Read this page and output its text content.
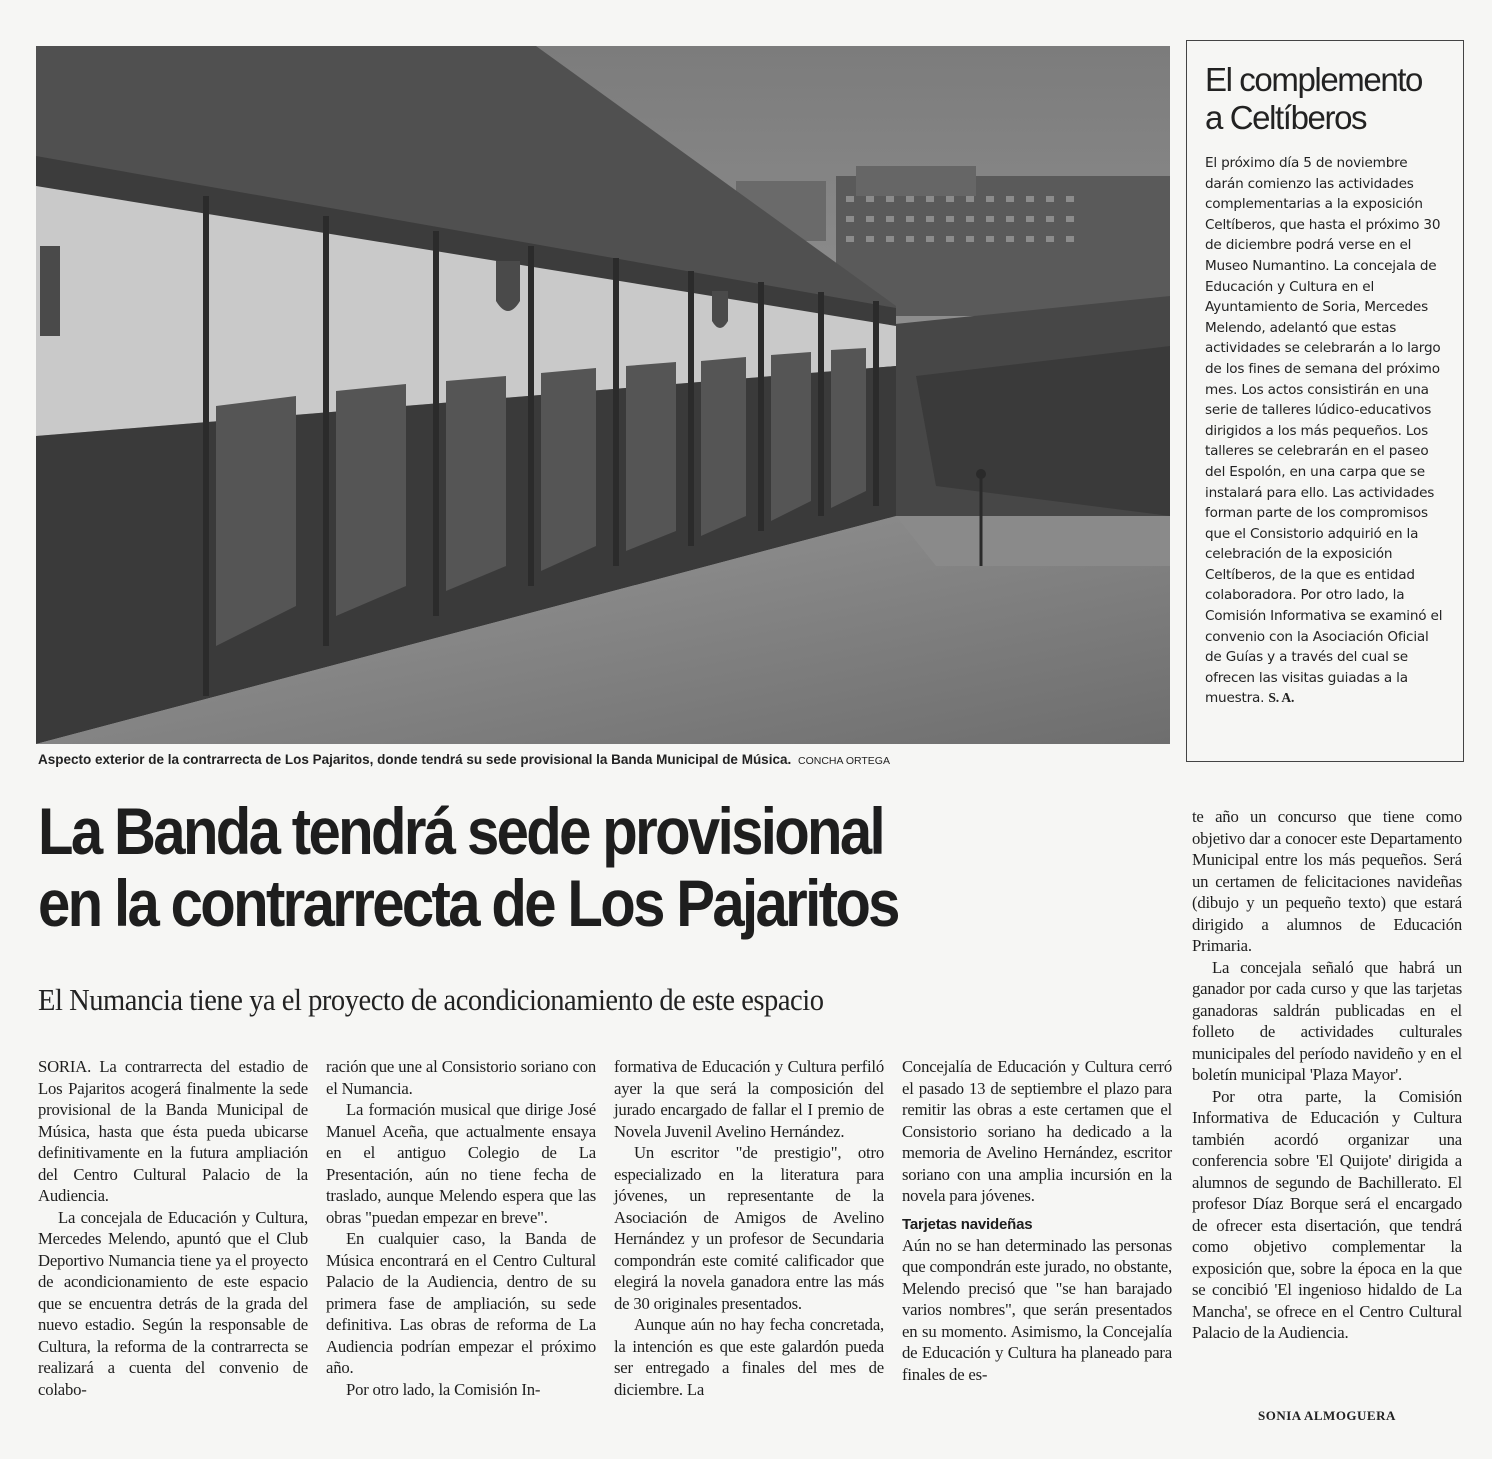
Aspecto exterior de la contrarrecta de Los Pajaritos, donde tendrá su sede provisional la Banda Municipal de Música. CONCHA ORTEGA
El complemento
a Celtíberos

El próximo día 5 de noviembre darán comienzo las actividades complementarias a la exposición Celtíberos, que hasta el próximo 30 de diciembre podrá verse en el Museo Numantino. La concejala de Educación y Cultura en el Ayuntamiento de Soria, Mercedes Melendo, adelantó que estas actividades se celebrarán a lo largo de los fines de semana del próximo mes. Los actos consistirán en una serie de talleres lúdico-educativos dirigidos a los más pequeños. Los talleres se celebrarán en el paseo del Espolón, en una carpa que se instalará para ello. Las actividades forman parte de los compromisos que el Consistorio adquirió en la celebración de la exposición Celtíberos, de la que es entidad colaboradora. Por otro lado, la Comisión Informativa se examinó el convenio con la Asociación Oficial de Guías y a través del cual se ofrecen las visitas guiadas a la muestra. S. A.

La Banda tendrá sede provisional
en la contrarrecta de Los Pajaritos

El Numancia tiene ya el proyecto de acondicionamiento de este espacio

SORIA. La contrarrecta del estadio de Los Pajaritos acogerá finalmente la sede provisional de la Banda Municipal de Música, hasta que ésta pueda ubicarse definitivamente en la futura ampliación del Centro Cultural Palacio de la Audiencia.

La concejala de Educación y Cultura, Mercedes Melendo, apuntó que el Club Deportivo Numancia tiene ya el proyecto de acondicionamiento de este espacio que se encuentra detrás de la grada del nuevo estadio. Según la responsable de Cultura, la reforma de la contrarrecta se realizará a cuenta del convenio de colabo-

ración que une al Consistorio soriano con el Numancia.

La formación musical que dirige José Manuel Aceña, que actualmente ensaya en el antiguo Colegio de La Presentación, aún no tiene fecha de traslado, aunque Melendo espera que las obras "puedan empezar en breve".

En cualquier caso, la Banda de Música encontrará en el Centro Cultural Palacio de la Audiencia, dentro de su primera fase de ampliación, su sede definitiva. Las obras de reforma de La Audiencia podrían empezar el próximo año.

Por otro lado, la Comisión In-

formativa de Educación y Cultura perfiló ayer la que será la composición del jurado encargado de fallar el I premio de Novela Juvenil Avelino Hernández.

Un escritor "de prestigio", otro especializado en la literatura para jóvenes, un representante de la Asociación de Amigos de Avelino Hernández y un profesor de Secundaria compondrán este comité calificador que elegirá la novela ganadora entre las más de 30 originales presentados.

Aunque aún no hay fecha concretada, la intención es que este galardón pueda ser entregado a finales del mes de diciembre. La

Concejalía de Educación y Cultura cerró el pasado 13 de septiembre el plazo para remitir las obras a este certamen que el Consistorio soriano ha dedicado a la memoria de Avelino Hernández, escritor soriano con una amplia incursión en la novela para jóvenes.

Tarjetas navideñas

Aún no se han determinado las personas que compondrán este jurado, no obstante, Melendo precisó que "se han barajado varios nombres", que serán presentados en su momento. Asimismo, la Concejalía de Educación y Cultura ha planeado para finales de es-

te año un concurso que tiene como objetivo dar a conocer este Departamento Municipal entre los más pequeños. Será un certamen de felicitaciones navideñas (dibujo y un pequeño texto) que estará dirigido a alumnos de Educación Primaria.

La concejala señaló que habrá un ganador por cada curso y que las tarjetas ganadoras saldrán publicadas en el folleto de actividades culturales municipales del período navideño y en el boletín municipal 'Plaza Mayor'.

Por otra parte, la Comisión Informativa de Educación y Cultura también acordó organizar una conferencia sobre 'El Quijote' dirigida a alumnos de segundo de Bachillerato. El profesor Díaz Borque será el encargado de ofrecer esta disertación, que tendrá como objetivo complementar la exposición que, sobre la época en la que se concibió 'El ingenioso hidaldo de La Mancha', se ofrece en el Centro Cultural Palacio de la Audiencia.

SONIA ALMOGUERA
